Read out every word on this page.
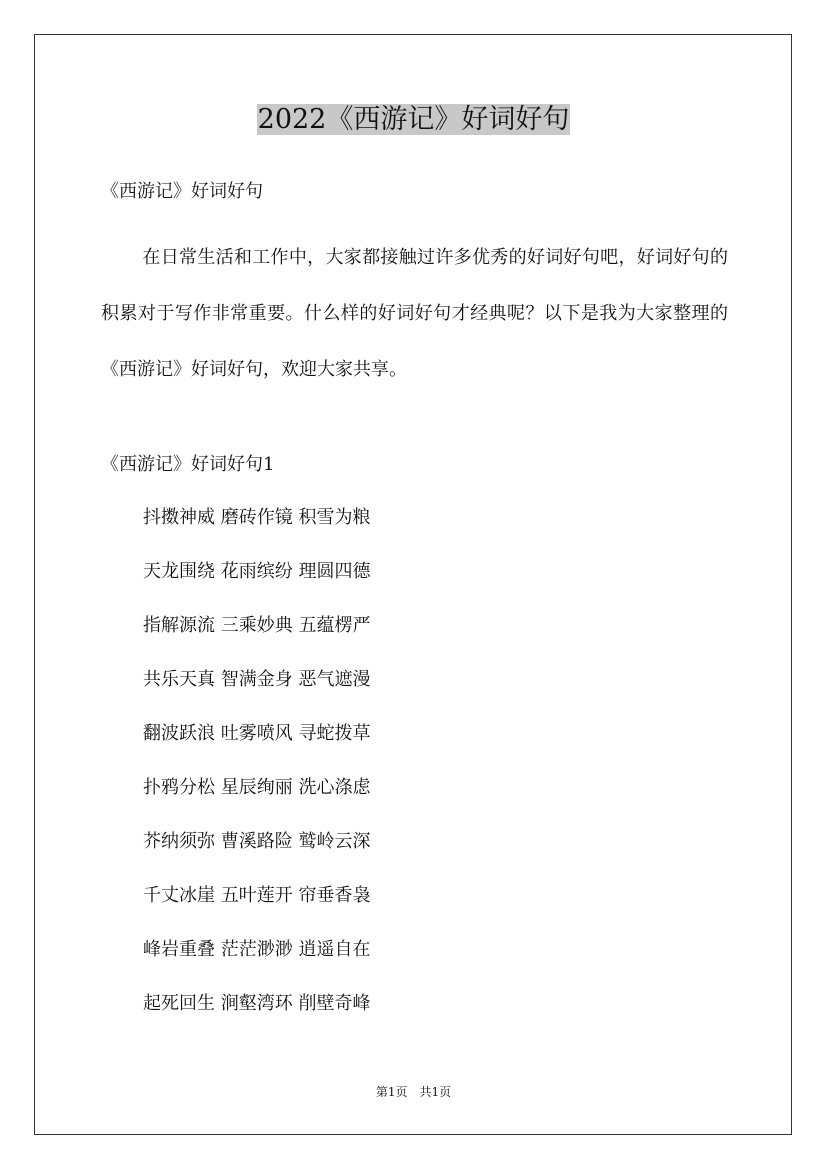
2022《西游记》好词好句
《西游记》好词好句

在日常生活和工作中，大家都接触过许多优秀的好词好句吧，好词好句的积累对于写作非常重要。什么样的好词好句才经典呢？以下是我为大家整理的《西游记》好词好句，欢迎大家共享。

《西游记》好词好句1
抖擞神威 磨砖作镜 积雪为粮
天龙围绕 花雨缤纷 理圆四德
指解源流 三乘妙典 五蕴楞严
共乐天真 智满金身 恶气遮漫
翻波跃浪 吐雾喷风 寻蛇拨草
扑鸦分松 星辰绚丽 洗心涤虑
芥纳须弥 曹溪路险 鹫岭云深
千丈冰崖 五叶莲开 帘垂香袅
峰岩重叠 茫茫渺渺 逍遥自在
起死回生 涧壑湾环 削壁奇峰
第1页　共1页
